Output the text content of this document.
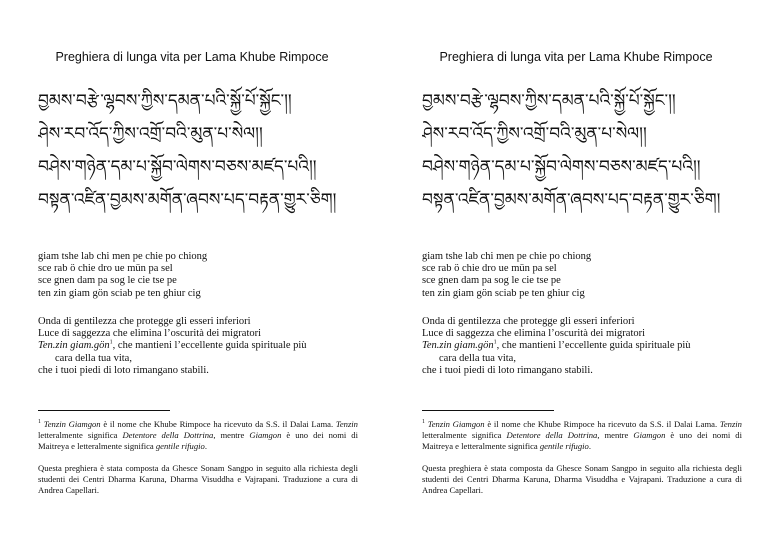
Preghiera di lunga vita per Lama Khube Rimpoce
བྱམས་བརྩེ་ལྷབས་ཀྱིས་དམན་པའི་སྐྱོ་པོ་སྐྱོང་།།
ཤེས་རབ་འོད་ཀྱིས་འགྲོ་བའི་མུན་པ་སེལ།།
བཤེས་གཉེན་དམ་པ་སྐྱོབ་ལེགས་བཅས་མཛད་པའི།།
བསྟན་འཛིན་བྱམས་མགོན་ཞབས་པད་བརྟན་གྱུར་ཅིག།
giam tshe lab chi men pe chie po chiong
sce rab ö chie dro ue mün pa sel
sce gnen dam pa sog le cie tse pe
ten zin giam gön sciab pe ten ghiur cig
Onda di gentilezza che protegge gli esseri inferiori
Luce di saggezza che elimina l’oscurità dei migratori
Ten.zin giam.gön$^1$, che mantieni l’eccellente guida spirituale più
cara della tua vita,
che i tuoi piedi di loto rimangano stabili.
$^1$ Tenzin Giamgon è il nome che Khube Rimpoce ha ricevuto da S.S. il Dalai Lama. Tenzin letteralmente significa Detentore della Dottrina, mentre Giamgon è uno dei nomi di Maitreya e letteralmente significa gentile rifugio.
Questa preghiera è stata composta da Ghesce Sonam Sangpo in seguito alla richiesta degli studenti dei Centri Dharma Karuna, Dharma Visuddha e Vajrapani. Traduzione a cura di Andrea Capellari.
Preghiera di lunga vita per Lama Khube Rimpoce
བྱམས་བརྩེ་ལྷབས་ཀྱིས་དམན་པའི་སྐྱོ་པོ་སྐྱོང་།།
ཤེས་རབ་འོད་ཀྱིས་འགྲོ་བའི་མུན་པ་སེལ།།
བཤེས་གཉེན་དམ་པ་སྐྱོབ་ལེགས་བཅས་མཛད་པའི།།
བསྟན་འཛིན་བྱམས་མགོན་ཞབས་པད་བརྟན་གྱུར་ཅིག།
giam tshe lab chi men pe chie po chiong
sce rab ö chie dro ue mün pa sel
sce gnen dam pa sog le cie tse pe
ten zin giam gön sciab pe ten ghiur cig
Onda di gentilezza che protegge gli esseri inferiori
Luce di saggezza che elimina l’oscurità dei migratori
Ten.zin giam.gön$^1$, che mantieni l’eccellente guida spirituale più
cara della tua vita,
che i tuoi piedi di loto rimangano stabili.
$^1$ Tenzin Giamgon è il nome che Khube Rimpoce ha ricevuto da S.S. il Dalai Lama. Tenzin letteralmente significa Detentore della Dottrina, mentre Giamgon è uno dei nomi di Maitreya e letteralmente significa gentile rifugio.
Questa preghiera è stata composta da Ghesce Sonam Sangpo in seguito alla richiesta degli studenti dei Centri Dharma Karuna, Dharma Visuddha e Vajrapani. Traduzione a cura di Andrea Capellari.
